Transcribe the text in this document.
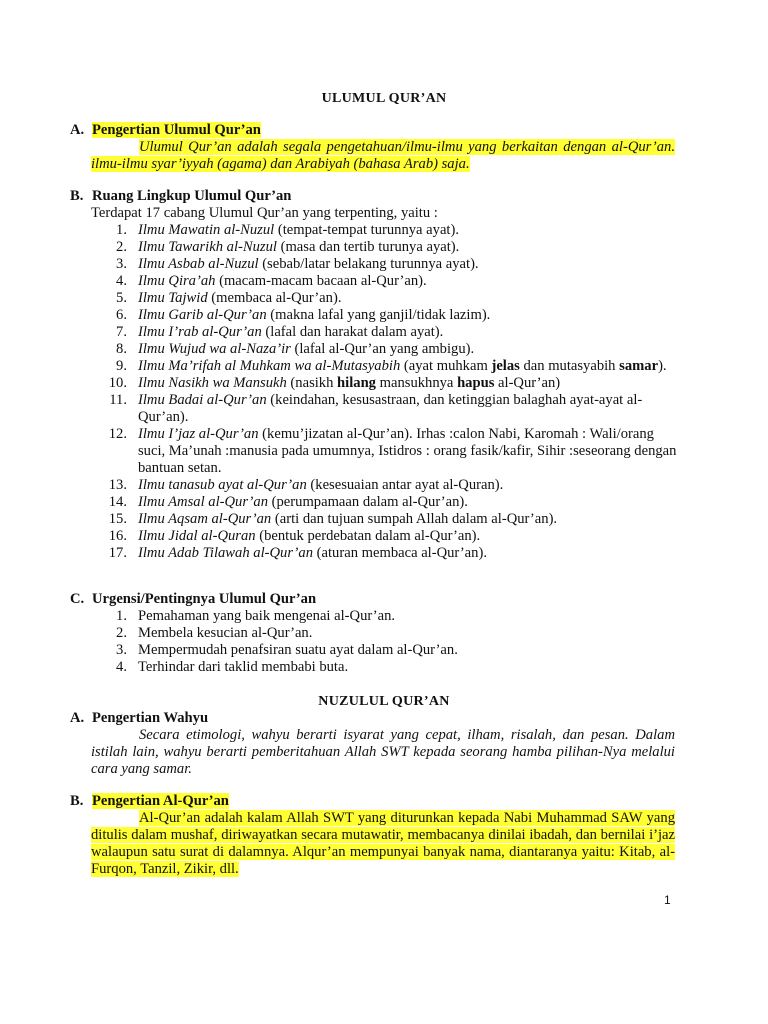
ULUMUL QUR’AN
A. Pengertian Ulumul Qur’an
Ulumul Qur’an adalah segala pengetahuan/ilmu-ilmu yang berkaitan dengan al-Qur’an. ilmu-ilmu syar’iyyah (agama) dan Arabiyah (bahasa Arab) saja.
B. Ruang Lingkup Ulumul Qur’an
Terdapat 17 cabang Ulumul Qur’an yang terpenting, yaitu :
1. Ilmu Mawatin al-Nuzul (tempat-tempat turunnya ayat).
2. Ilmu Tawarikh al-Nuzul (masa dan tertib turunya ayat).
3. Ilmu Asbab al-Nuzul (sebab/latar belakang turunnya ayat).
4. Ilmu Qira’ah (macam-macam bacaan al-Qur’an).
5. Ilmu Tajwid (membaca al-Qur’an).
6. Ilmu Garib al-Qur’an (makna lafal yang ganjil/tidak lazim).
7. Ilmu I’rab al-Qur’an (lafal dan harakat dalam ayat).
8. Ilmu Wujud wa al-Naza’ir (lafal al-Qur’an yang ambigu).
9. Ilmu Ma’rifah al Muhkam wa al-Mutasyabih (ayat muhkam jelas dan mutasyabih samar).
10. Ilmu Nasikh wa Mansukh (nasikh hilang mansukhnya hapus al-Qur’an)
11. Ilmu Badai al-Qur’an (keindahan, kesusastraan, dan ketinggian balaghah ayat-ayat al-Qur’an).
12. Ilmu I’jaz al-Qur’an (kemu’jizatan al-Qur’an). Irhas :calon Nabi, Karomah : Wali/orang suci, Ma’unah :manusia pada umumnya, Istidros : orang fasik/kafir, Sihir :seseorang dengan bantuan setan.
13. Ilmu tanasub ayat al-Qur’an (kesesuaian antar ayat al-Quran).
14. Ilmu Amsal al-Qur’an (perumpamaan dalam al-Qur’an).
15. Ilmu Aqsam al-Qur’an (arti dan tujuan sumpah Allah dalam al-Qur’an).
16. Ilmu Jidal al-Quran (bentuk perdebatan dalam al-Qur’an).
17. Ilmu Adab Tilawah al-Qur’an (aturan membaca al-Qur’an).
C. Urgensi/Pentingnya Ulumul Qur’an
1. Pemahaman yang baik mengenai al-Qur’an.
2. Membela kesucian al-Qur’an.
3. Mempermudah penafsiran suatu ayat dalam al-Qur’an.
4. Terhindar dari taklid membabi buta.
NUZULUL QUR’AN
A. Pengertian Wahyu
Secara etimologi, wahyu berarti isyarat yang cepat, ilham, risalah, dan pesan. Dalam istilah lain, wahyu berarti pemberitahuan Allah SWT kepada seorang hamba pilihan-Nya melalui cara yang samar.
B. Pengertian Al-Qur’an
Al-Qur’an adalah kalam Allah SWT yang diturunkan kepada Nabi Muhammad SAW yang ditulis dalam mushaf, diriwayatkan secara mutawatir, membacanya dinilai ibadah, dan bernilai i’jaz walaupun satu surat di dalamnya. Alqur’an mempunyai banyak nama, diantaranya yaitu: Kitab, al-Furqon, Tanzil, Zikir, dll.
1
